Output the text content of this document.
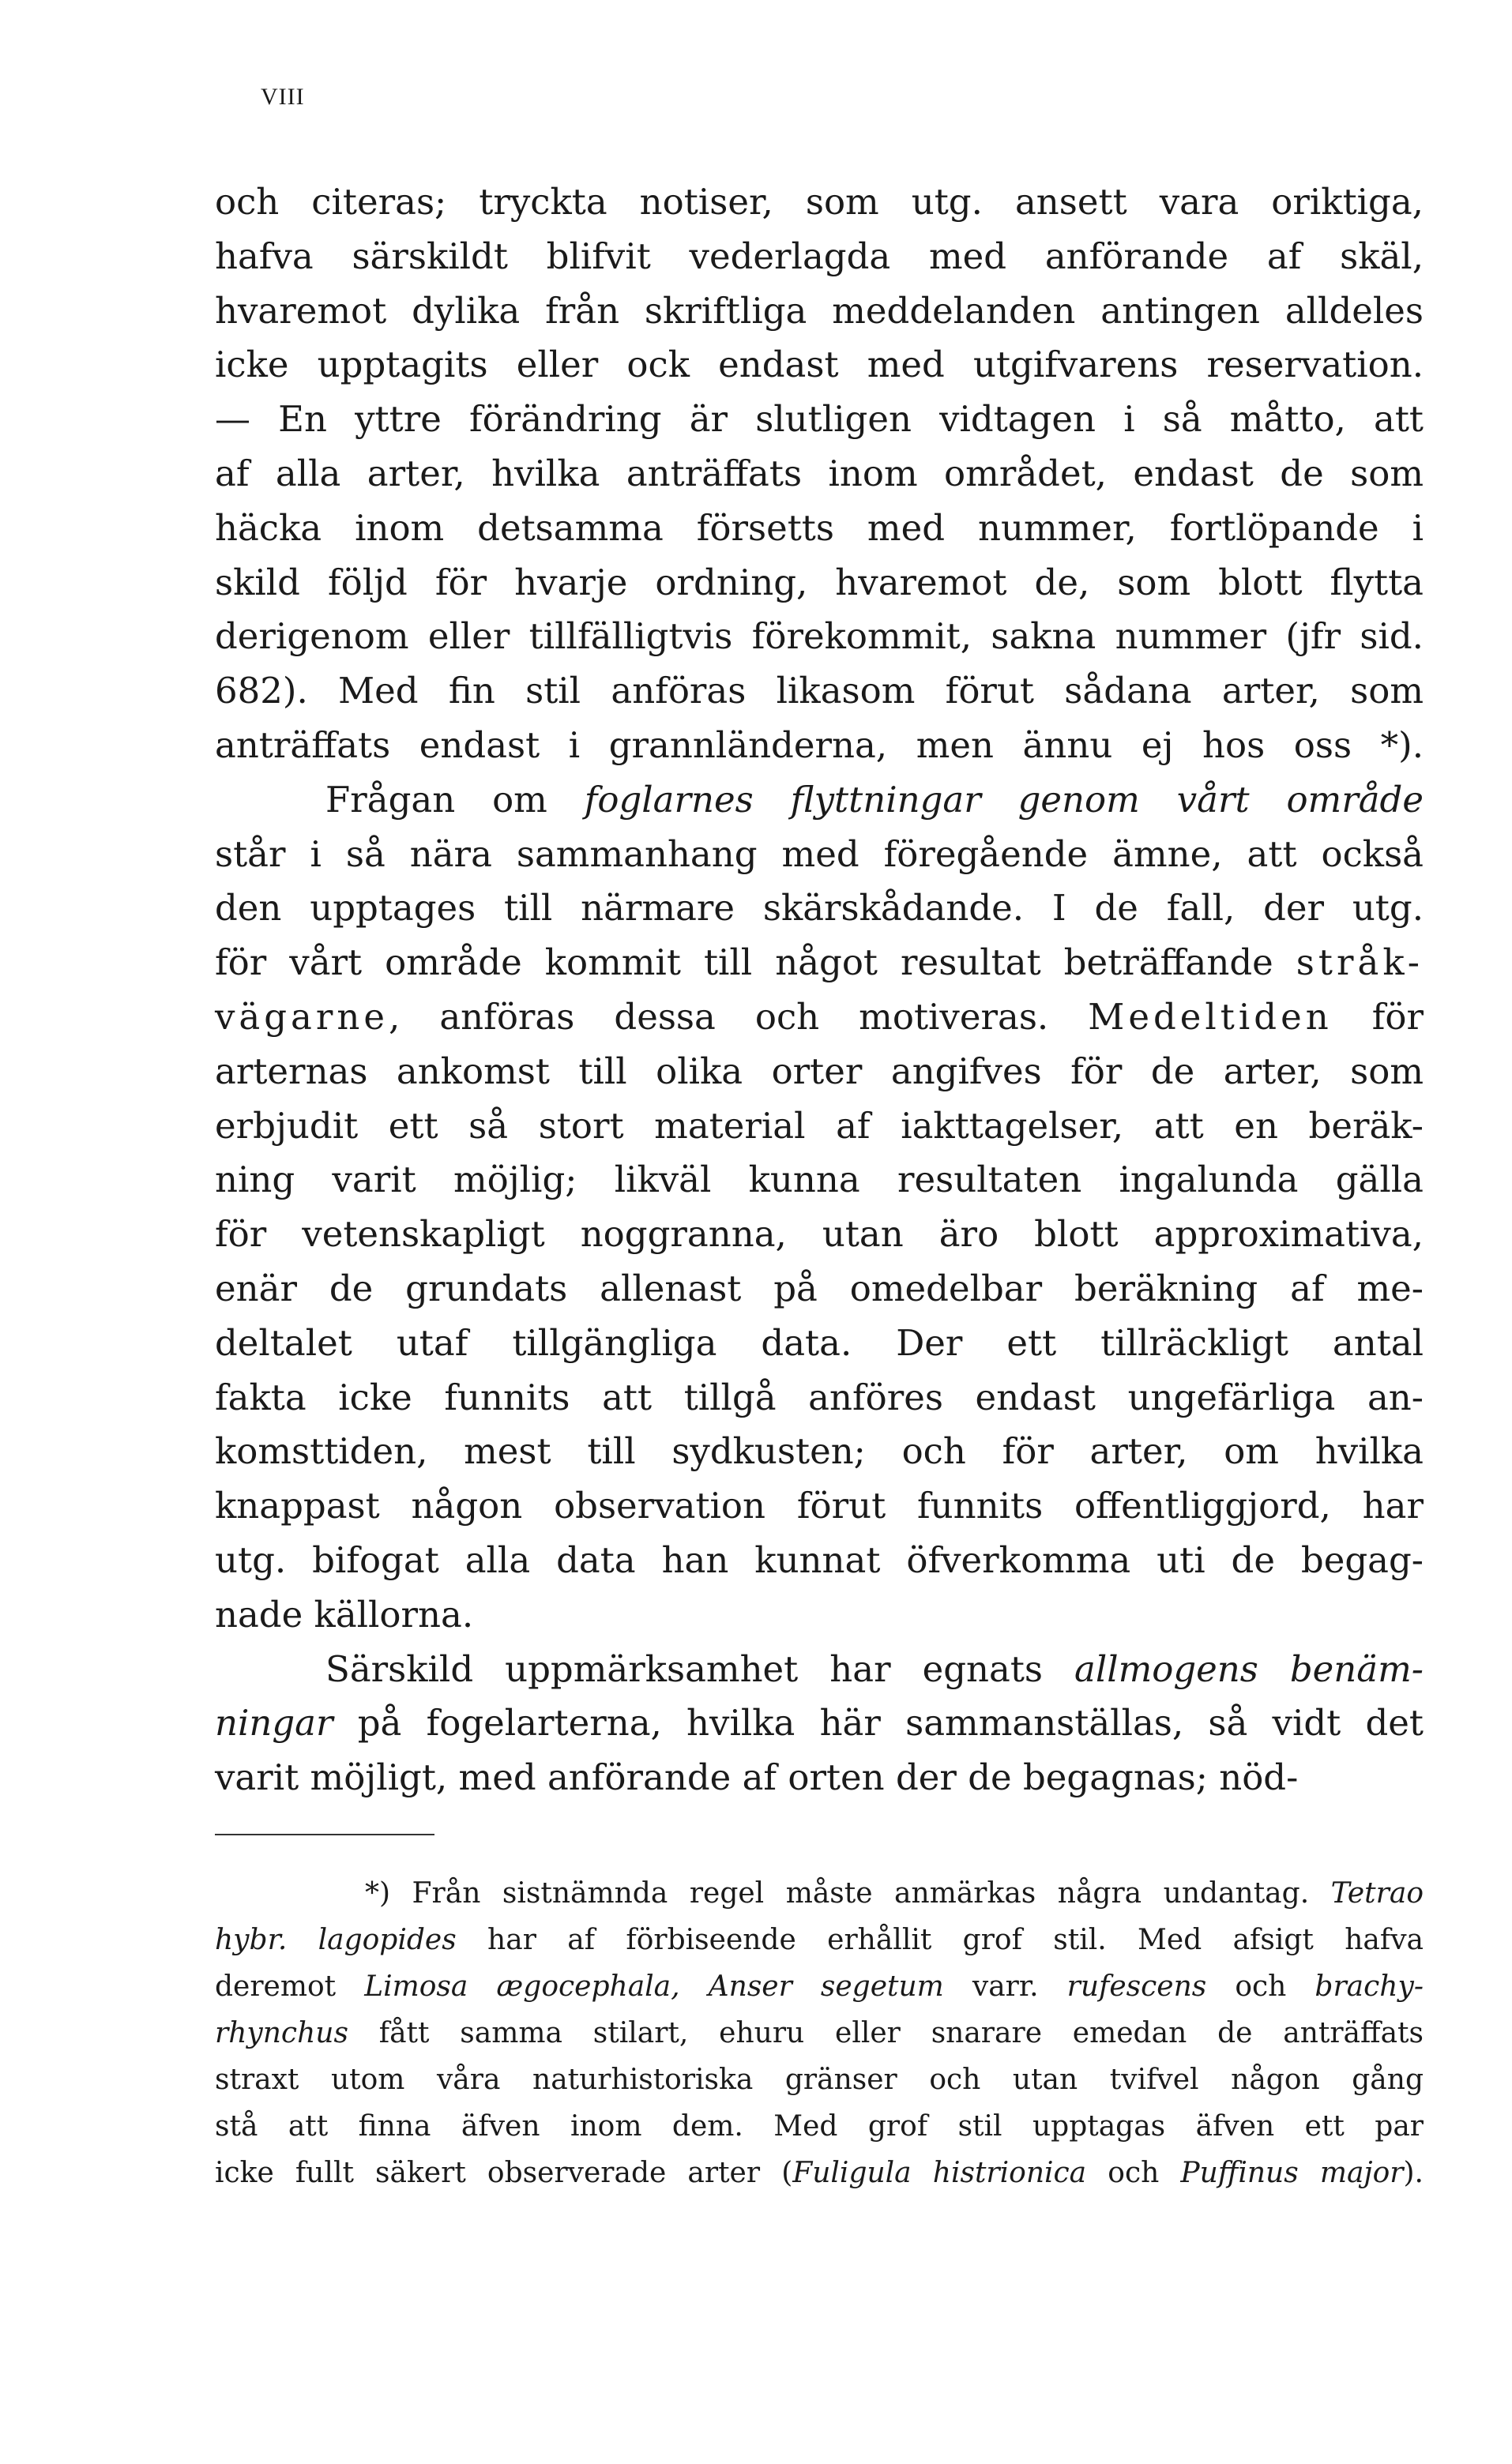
VIII
och citeras; tryckta notiser, som utg. ansett vara oriktiga,
hafva särskildt blifvit vederlagda med anförande af skäl,
hvaremot dylika från skriftliga meddelanden antingen alldeles
icke upptagits eller ock endast med utgifvarens reservation.
— En yttre förändring är slutligen vidtagen i så måtto, att
af alla arter, hvilka anträffats inom området, endast de som
häcka inom detsamma försetts med nummer, fortlöpande i
skild följd för hvarje ordning, hvaremot de, som blott flytta
derigenom eller tillfälligtvis förekommit, sakna nummer (jfr sid.
682). Med fin stil anföras likasom förut sådana arter, som
anträffats endast i grannländerna, men ännu ej hos oss *).
Frågan om foglarnes flyttningar genom vårt område
står i så nära sammanhang med föregående ämne, att också
den upptages till närmare skärskådande. I de fall, der utg.
för vårt område kommit till något resultat beträffande stråk-
vägarne, anföras dessa och motiveras. Medeltiden för
arternas ankomst till olika orter angifves för de arter, som
erbjudit ett så stort material af iakttagelser, att en beräk-
ning varit möjlig; likväl kunna resultaten ingalunda gälla
för vetenskapligt noggranna, utan äro blott approximativa,
enär de grundats allenast på omedelbar beräkning af me-
deltalet utaf tillgängliga data. Der ett tillräckligt antal
fakta icke funnits att tillgå anföres endast ungefärliga an-
komsttiden, mest till sydkusten; och för arter, om hvilka
knappast någon observation förut funnits offentliggjord, har
utg. bifogat alla data han kunnat öfverkomma uti de begag-
nade källorna.
Särskild uppmärksamhet har egnats allmogens benäm-
ningar på fogelarterna, hvilka här sammanställas, så vidt det
varit möjligt, med anförande af orten der de begagnas; nöd-
*) Från sistnämnda regel måste anmärkas några undantag. Tetrao
hybr. lagopides har af förbiseende erhållit grof stil. Med afsigt hafva
deremot Limosa ægocephala, Anser segetum varr. rufescens och brachy-
rhynchus fått samma stilart, ehuru eller snarare emedan de anträffats
straxt utom våra naturhistoriska gränser och utan tvifvel någon gång
stå att finna äfven inom dem. Med grof stil upptagas äfven ett par
icke fullt säkert observerade arter (Fuligula histrionica och Puffinus major).
